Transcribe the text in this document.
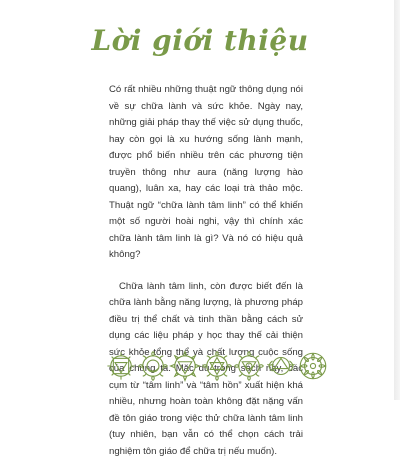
Lời giới thiệu

Có rất nhiều những thuật ngữ thông dụng nói về sự chữa lành và sức khỏe. Ngày nay, những giải pháp thay thế việc sử dụng thuốc, hay còn gọi là xu hướng sống lành mạnh, được phổ biến nhiều trên các phương tiện truyền thông như aura (năng lượng hào quang), luân xa, hay các loại trà thảo mộc. Thuật ngữ “chữa lành tâm linh” có thể khiến một số người hoài nghi, vậy thì chính xác chữa lành tâm linh là gì? Và nó có hiệu quả không?

Chữa lành tâm linh, còn được biết đến là chữa lành bằng năng lượng, là phương pháp điều trị thể chất và tinh thần bằng cách sử dụng các liệu pháp y học thay thế cải thiện sức khỏe tổng thể và chất lượng cuộc sống của chúng ta. Mặc dù trong sách này, các cụm từ “tâm linh” và “tâm hồn” xuất hiện khá nhiều, nhưng hoàn toàn không đặt nặng vấn đề tôn giáo trong việc thử chữa lành tâm linh (tuy nhiên, bạn vẫn có thể chọn cách trải nghiệm tôn giáo để chữa trị nếu muốn).
